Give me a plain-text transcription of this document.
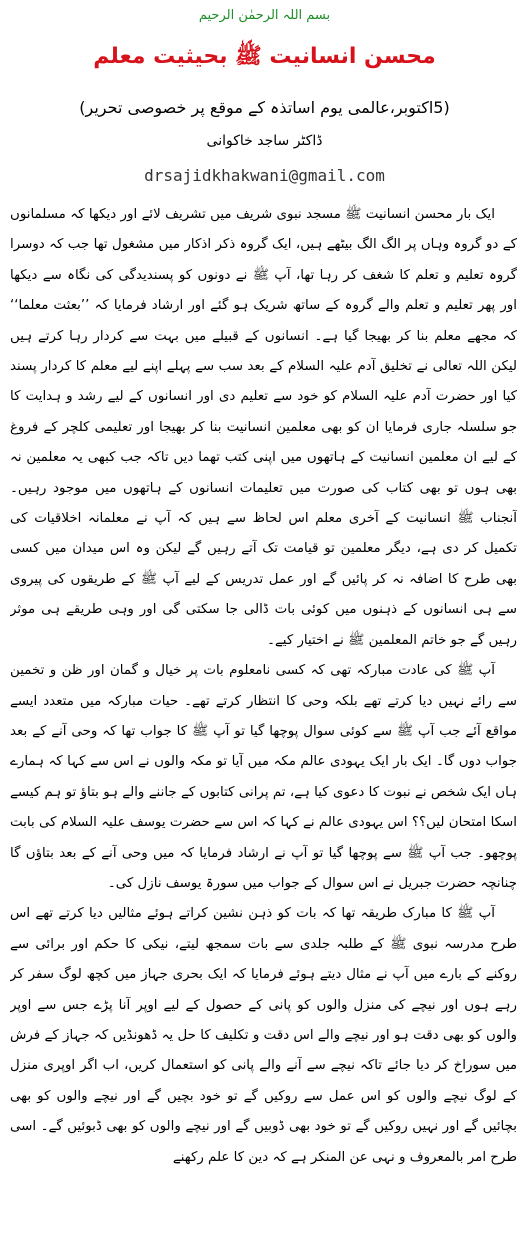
بسم اللہ الرحمٰن الرحیم
محسن انسانیت ﷺ بحیثیت معلم
(5اکتوبر،عالمی یوم اساتذہ کے موقع پر خصوصی تحریر)
ڈاکٹر ساجد خاکوانی
drsajidkhakwani@gmail.com

ایک بار محسن انسانیت ﷺ مسجد نبوی شریف میں تشریف لائے اور دیکھا کہ مسلمانوں کے دو گروہ وہاں پر الگ الگ بیٹھے ہیں، ایک گروہ ذکر اذکار میں مشغول تھا جب کہ دوسرا گروہ تعلیم و تعلم کا شغف کر رہا تھا، آپ ﷺ نے دونوں کو پسندیدگی کی نگاہ سے دیکھا اور پھر تعلیم و تعلم والے گروہ کے ساتھ شریک ہو گئے اور ارشاد فرمایا کہ ’’بعثت معلما‘‘ کہ مجھے معلم بنا کر بھیجا گیا ہے۔ انسانوں کے قبیلے میں بہت سے کردار رہا کرتے ہیں لیکن اللہ تعالی نے تخلیق آدم علیہ السلام کے بعد سب سے پہلے اپنے لیے معلم کا کردار پسند کیا اور حضرت آدم علیہ السلام کو خود سے تعلیم دی اور انسانوں کے لیے رشد و ہدایت کا جو سلسلہ جاری فرمایا ان کو بھی معلمین انسانیت بنا کر بھیجا اور تعلیمی کلچر کے فروغ کے لیے ان معلمین انسانیت کے ہاتھوں میں اپنی کتب تھما دیں تاکہ جب کبھی یہ معلمین نہ بھی ہوں تو بھی کتاب کی صورت میں تعلیمات انسانوں کے ہاتھوں میں موجود رہیں۔ آنجناب ﷺ انسانیت کے آخری معلم اس لحاظ سے ہیں کہ آپ نے معلمانہ اخلاقیات کی تکمیل کر دی ہے، دیگر معلمین تو قیامت تک آتے رہیں گے لیکن وہ اس میدان میں کسی بھی طرح کا اضافہ نہ کر پائیں گے اور عمل تدریس کے لیے آپ ﷺ کے طریقوں کی پیروی سے ہی انسانوں کے ذہنوں میں کوئی بات ڈالی جا سکتی گی اور وہی طریقے ہی موثر رہیں گے جو خاتم المعلمین ﷺ نے اختیار کیے۔

آپ ﷺ کی عادت مبارکہ تھی کہ کسی نامعلوم بات پر خیال و گمان اور ظن و تخمین سے رائے نہیں دیا کرتے تھے بلکہ وحی کا انتظار کرتے تھے۔ حیات مبارکہ میں متعدد ایسے مواقع آئے جب آپ ﷺ سے کوئی سوال پوچھا گیا تو آپ ﷺ کا جواب تھا کہ وحی آنے کے بعد جواب دوں گا۔ ایک بار ایک یہودی عالم مکہ میں آیا تو مکہ والوں نے اس سے کہا کہ ہمارے ہاں ایک شخص نے نبوت کا دعوی کیا ہے، تم پرانی کتابوں کے جاننے والے ہو بتاؤ تو ہم کیسے اسکا امتحان لیں؟؟ اس یہودی عالم نے کہا کہ اس سے حضرت یوسف علیہ السلام کی بابت پوچھو۔ جب آپ ﷺ سے پوچھا گیا تو آپ نے ارشاد فرمایا کہ میں وحی آنے کے بعد بتاؤں گا چنانچہ حضرت جبریل نے اس سوال کے جواب میں سورۃ یوسف نازل کی۔

آپ ﷺ کا مبارک طریقہ تھا کہ بات کو ذہن نشین کراتے ہوئے مثالیں دیا کرتے تھے اس طرح مدرسہ نبوی ﷺ کے طلبہ جلدی سے بات سمجھ لیتے، نیکی کا حکم اور برائی سے روکنے کے بارے میں آپ نے مثال دیتے ہوئے فرمایا کہ ایک بحری جہاز میں کچھ لوگ سفر کر رہے ہوں اور نیچے کی منزل والوں کو پانی کے حصول کے لیے اوپر آنا پڑے جس سے اوپر والوں کو بھی دقت ہو اور نیچے والے اس دقت و تکلیف کا حل یہ ڈھونڈیں کہ جہاز کے فرش میں سوراخ کر دیا جائے تاکہ نیچے سے آنے والے پانی کو استعمال کریں، اب اگر اوپری منزل کے لوگ نیچے والوں کو اس عمل سے روکیں گے تو خود بچیں گے اور نیچے والوں کو بھی بچائیں گے اور نہیں روکیں گے تو خود بھی ڈوبیں گے اور نیچے والوں کو بھی ڈبوئیں گے۔ اسی طرح امر بالمعروف و نہی عن المنکر ہے کہ دین کا علم رکھنے
